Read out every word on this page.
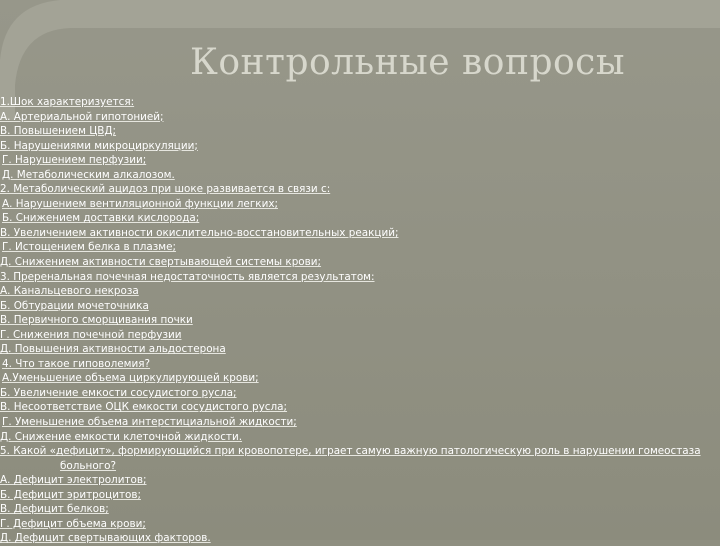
Контрольные вопросы
1.Шок характеризуется:
А. Артериальной гипотонией;
В. Повышением ЦВД;
Б. Нарушениями микроциркуляции;
Г. Нарушением перфузии;
Д. Метаболическим алкалозом.
2. Метаболический ацидоз при шоке развивается в связи с:
А. Нарушением вентиляционной функции легких;
Б. Снижением доставки кислорода;
В. Увеличением активности окислительно-восстановительных реакций;
Г. Истощением белка в плазме;
Д. Снижением активности свертывающей системы крови;
3. Преренальная почечная недостаточность является результатом:
А. Канальцевого некроза
Б. Обтурации мочеточника
В. Первичного сморщивания почки
Г. Снижения почечной перфузии
Д. Повышения активности альдостерона
4. Что такое гиповолемия?
А.Уменьшение объема циркулирующей крови;
Б. Увеличение емкости сосудистого русла;
В. Несоответствие ОЦК емкости сосудистого русла;
Г. Уменьшение объема интерстициальной жидкости;
Д. Снижение емкости клеточной жидкости.
5. Какой «дефицит», формирующийся при кровопотере, играет самую важную патологическую роль в нарушении гомеостаза
больного?
А. Дефицит электролитов;
Б. Дефицит эритроцитов;
В. Дефицит белков;
Г. Дефицит объема крови;
Д. Дефицит свертывающих факторов.
